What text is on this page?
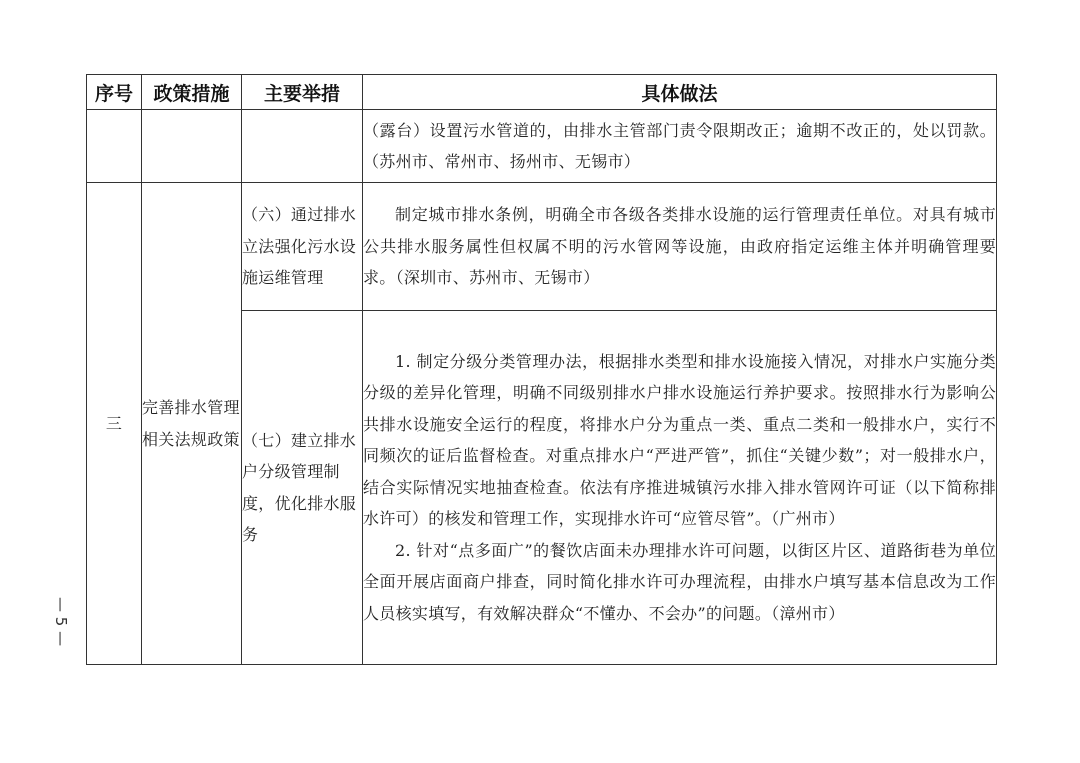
序号	政策措施	主要举措	具体做法

			（露台）设置污水管道的，由排水主管部门责令限期改正；逾期不改正的，处以罚款。（苏州市、常州市、扬州市、无锡市）

三	完善排水管理相关法规政策	（六）通过排水立法强化污水设施运维管理	制定城市排水条例，明确全市各级各类排水设施的运行管理责任单位。对具有城市公共排水服务属性但权属不明的污水管网等设施，由政府指定运维主体并明确管理要求。（深圳市、苏州市、无锡市）

		（七）建立排水户分级管理制度，优化排水服务	1. 制定分级分类管理办法，根据排水类型和排水设施接入情况，对排水户实施分类分级的差异化管理，明确不同级别排水户排水设施运行养护要求。按照排水行为影响公共排水设施安全运行的程度，将排水户分为重点一类、重点二类和一般排水户，实行不同频次的证后监督检查。对重点排水户“严进严管”，抓住“关键少数”；对一般排水户，结合实际情况实地抽查检查。依法有序推进城镇污水排入排水管网许可证（以下简称排水许可）的核发和管理工作，实现排水许可“应管尽管”。（广州市）

2. 针对“点多面广”的餐饮店面未办理排水许可问题，以街区片区、道路街巷为单位全面开展店面商户排查，同时简化排水许可办理流程，由排水户填写基本信息改为工作人员核实填写，有效解决群众“不懂办、不会办”的问题。（漳州市）

— 5 —
